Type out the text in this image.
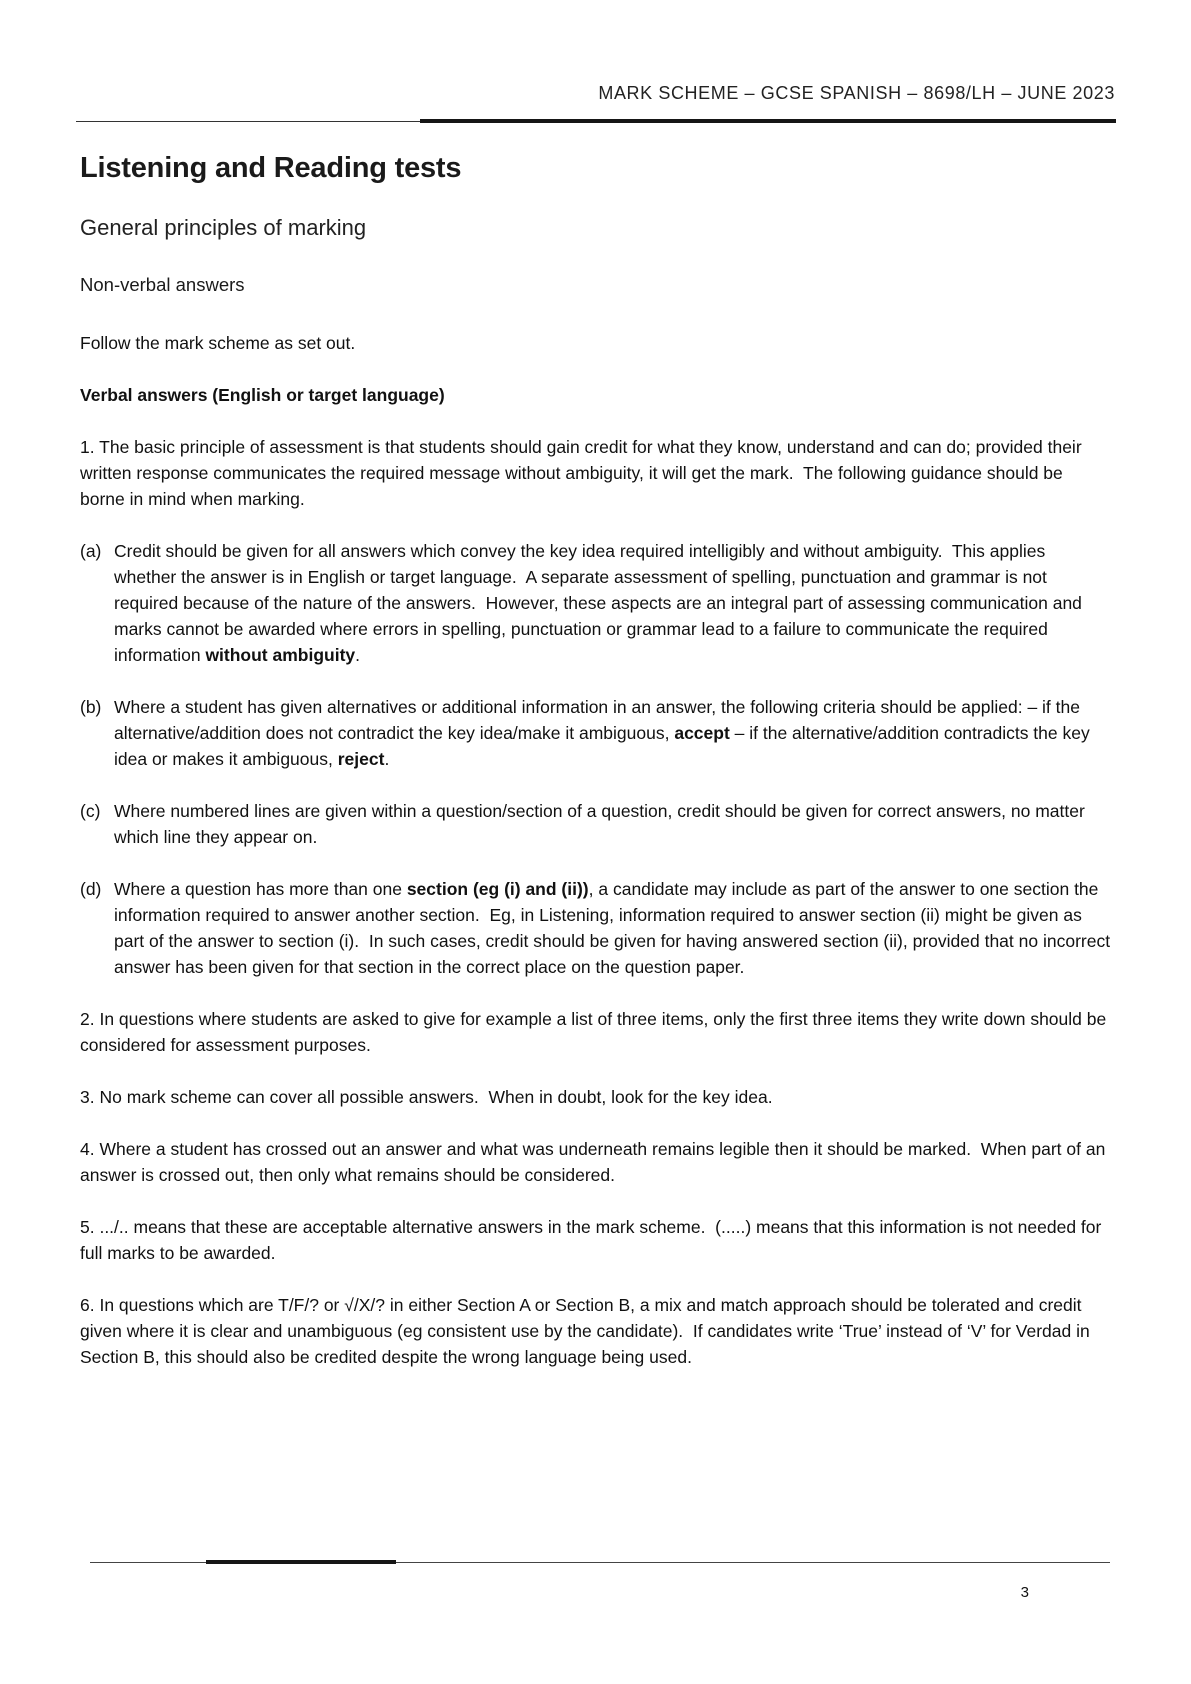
MARK SCHEME – GCSE SPANISH – 8698/LH – JUNE 2023

Listening and Reading tests
General principles of marking
Non-verbal answers

Follow the mark scheme as set out.

Verbal answers (English or target language)

1. The basic principle of assessment is that students should gain credit for what they know, understand and can do; provided their written response communicates the required message without ambiguity, it will get the mark.  The following guidance should be borne in mind when marking.

(a) Credit should be given for all answers which convey the key idea required intelligibly and without ambiguity.  This applies whether the answer is in English or target language.  A separate assessment of spelling, punctuation and grammar is not required because of the nature of the answers.  However, these aspects are an integral part of assessing communication and marks cannot be awarded where errors in spelling, punctuation or grammar lead to a failure to communicate the required information without ambiguity.

(b) Where a student has given alternatives or additional information in an answer, the following criteria should be applied: – if the alternative/addition does not contradict the key idea/make it ambiguous, accept – if the alternative/addition contradicts the key idea or makes it ambiguous, reject.

(c) Where numbered lines are given within a question/section of a question, credit should be given for correct answers, no matter which line they appear on.

(d) Where a question has more than one section (eg (i) and (ii)), a candidate may include as part of the answer to one section the information required to answer another section.  Eg, in Listening, information required to answer section (ii) might be given as part of the answer to section (i).  In such cases, credit should be given for having answered section (ii), provided that no incorrect answer has been given for that section in the correct place on the question paper.

2. In questions where students are asked to give for example a list of three items, only the first three items they write down should be considered for assessment purposes.

3. No mark scheme can cover all possible answers.  When in doubt, look for the key idea.

4. Where a student has crossed out an answer and what was underneath remains legible then it should be marked.  When part of an answer is crossed out, then only what remains should be considered.

5. .../.. means that these are acceptable alternative answers in the mark scheme.  (.....) means that this information is not needed for full marks to be awarded.

6. In questions which are T/F/? or √/X/? in either Section A or Section B, a mix and match approach should be tolerated and credit given where it is clear and unambiguous (eg consistent use by the candidate).  If candidates write ‘True’ instead of ‘V’ for Verdad in Section B, this should also be credited despite the wrong language being used.

3
